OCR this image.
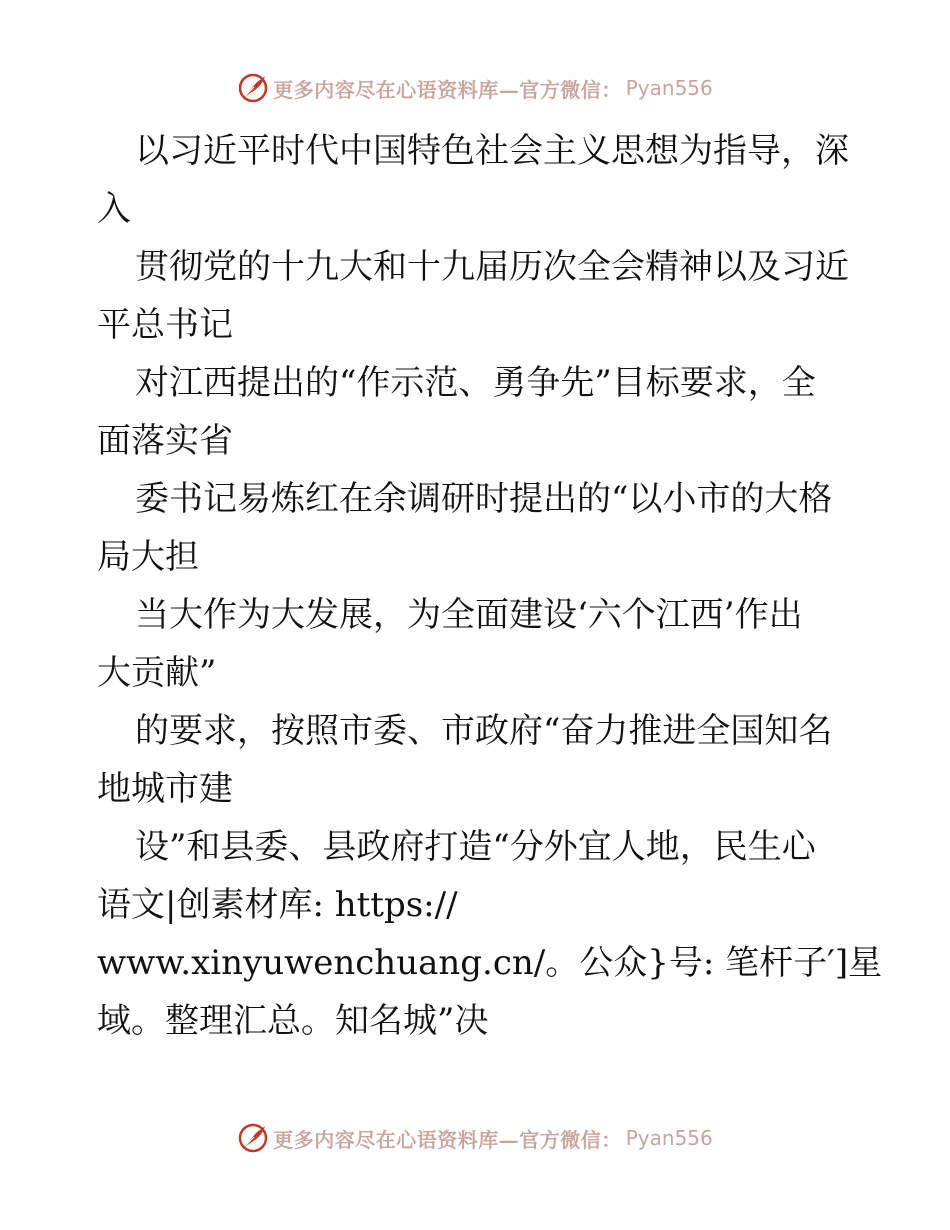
更多内容尽在心语资料库—官方微信： Pyan556
以习近平时代中国特色社会主义思想为指导，深
入
贯彻党的十九大和十九届历次全会精神以及习近
平总书记
对江西提出的“作示范、勇争先”目标要求，全
面落实省
委书记易炼红在余调研时提出的“以小市的大格
局大担
当大作为大发展，为全面建设‘六个江西’作出
大贡献”
的要求，按照市委、市政府“奋力推进全国知名
地城市建
设”和县委、县政府打造“分外宜人地，民生心
语文|创素材库: https://
www.xinyuwenchuang.cn/。公众}号: 笔杆子′]星
域。整理汇总。知名城”决
更多内容尽在心语资料库—官方微信： Pyan556
